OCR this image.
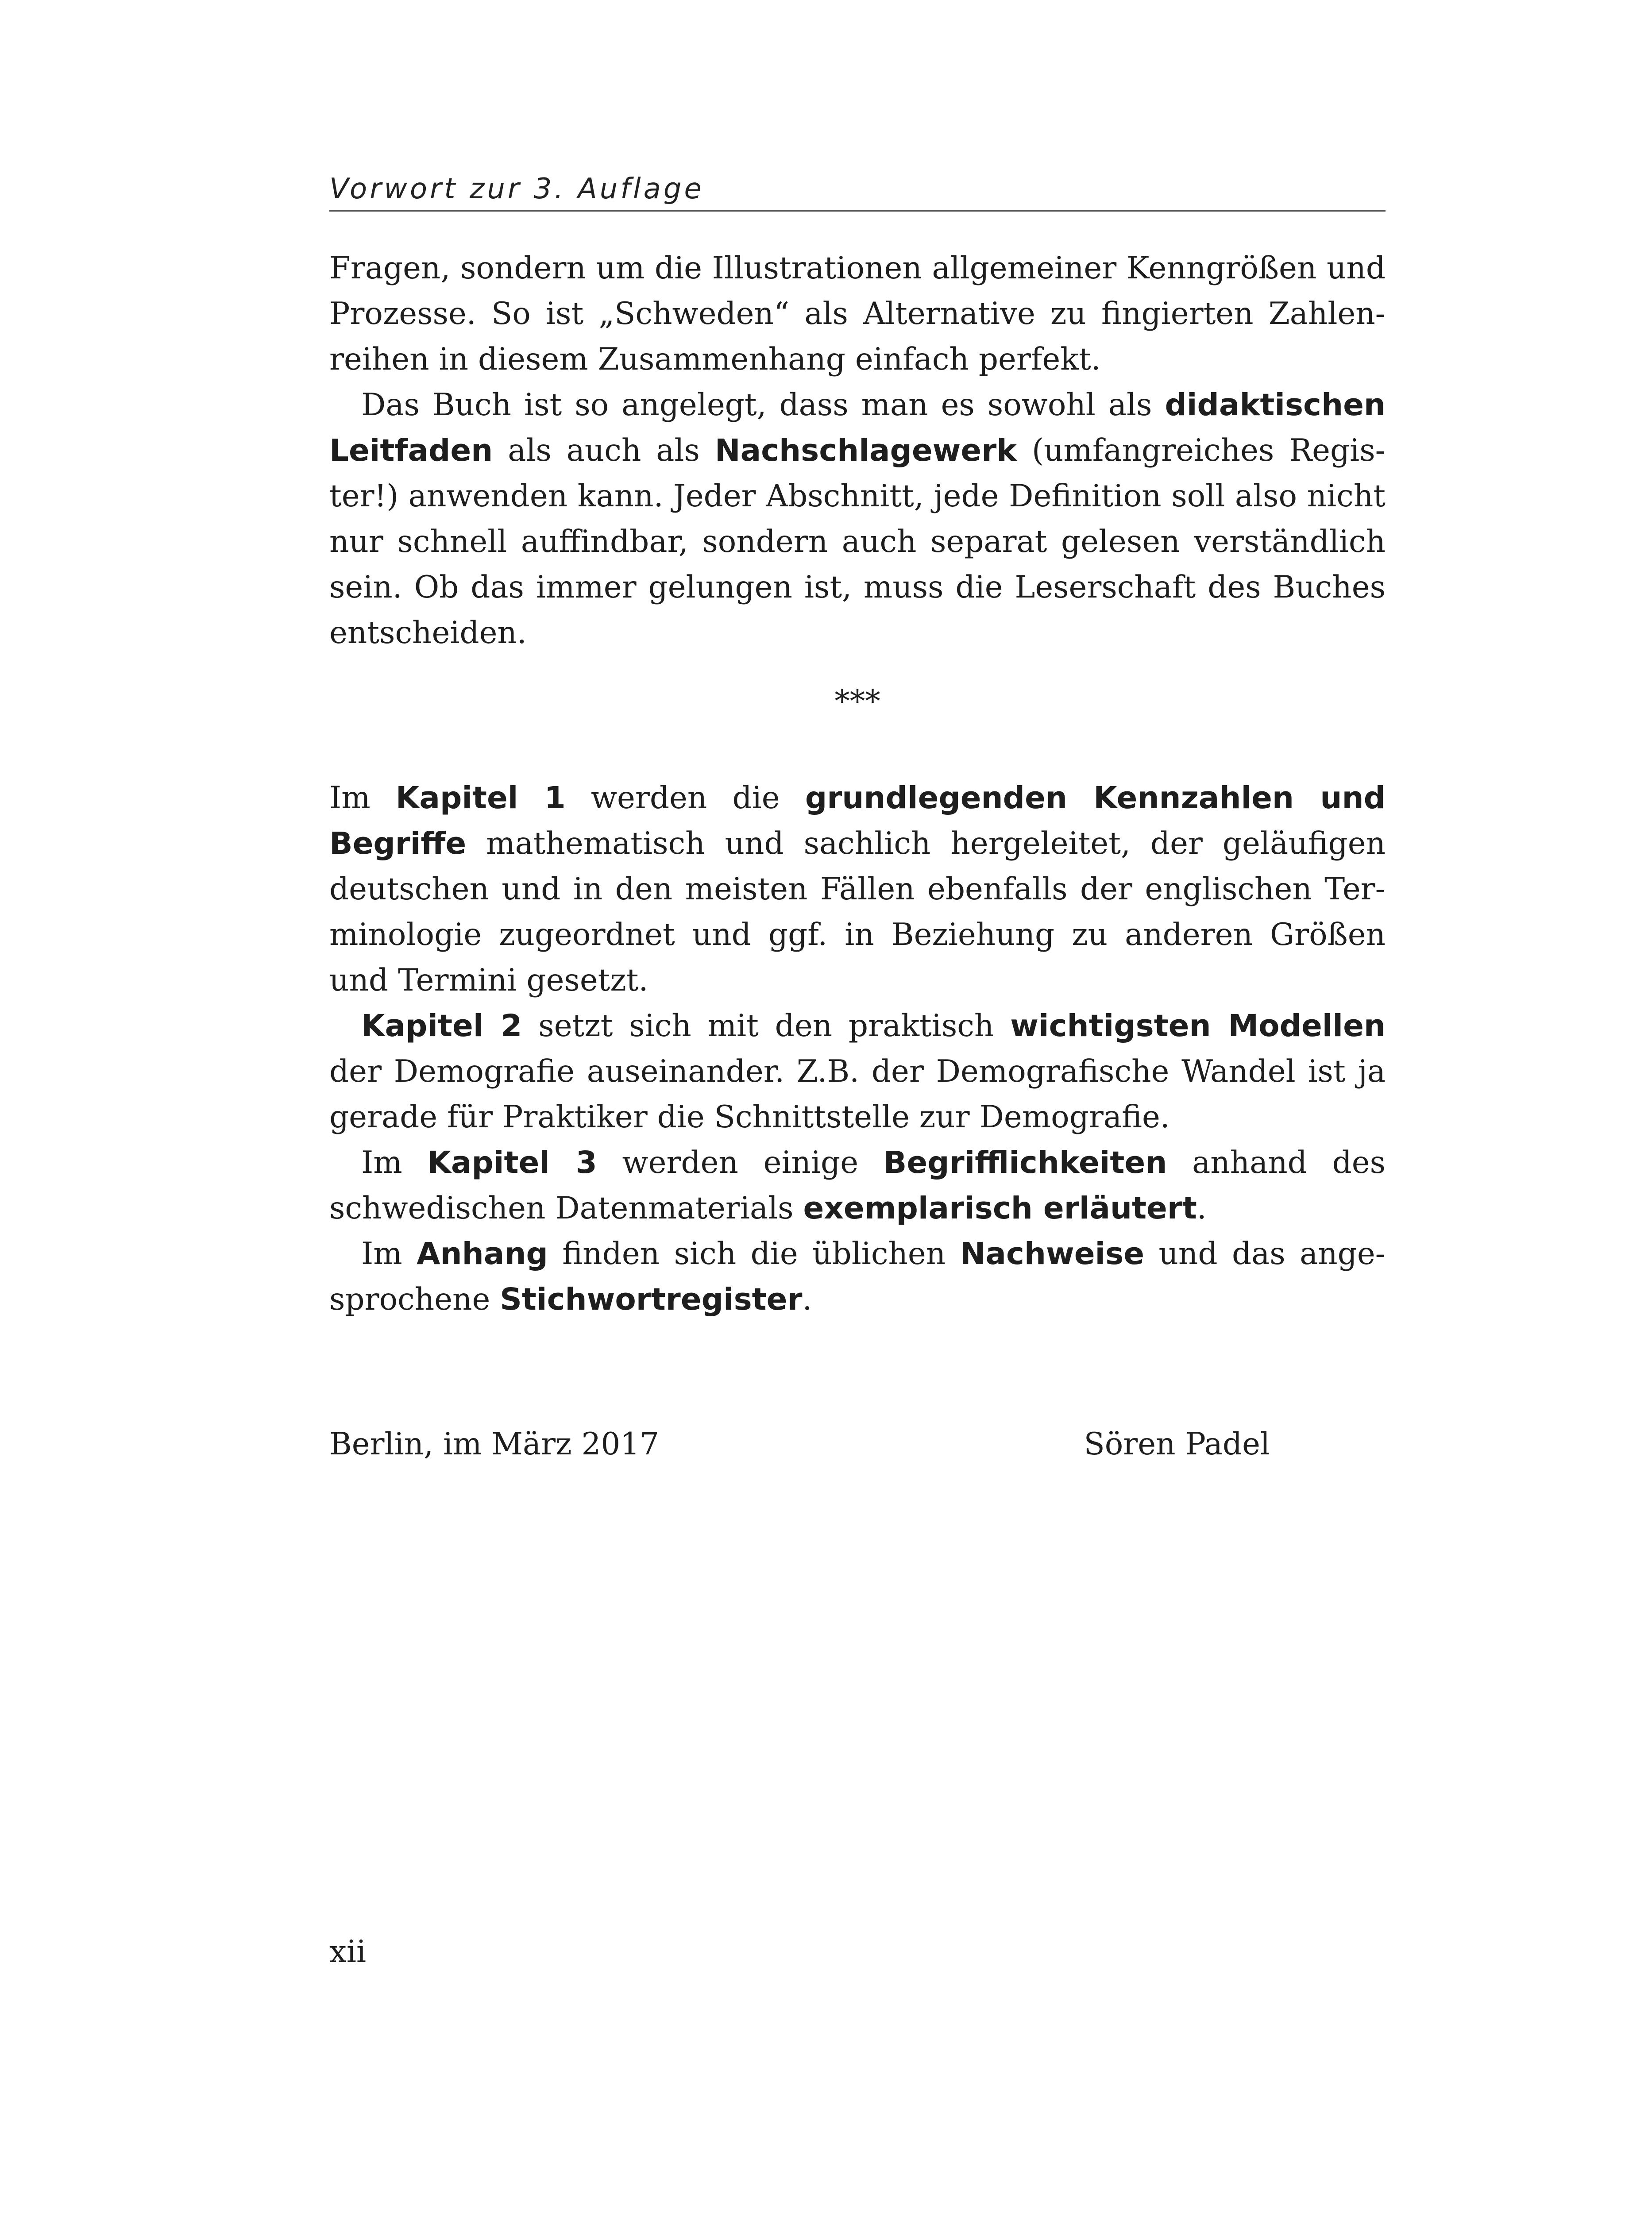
Vorwort zur 3. Auflage

Fragen, sondern um die Illustrationen allgemeiner Kenngrößen und Prozesse. So ist „Schweden“ als Alternative zu fingierten Zahlenreihen in diesem Zusammenhang einfach perfekt.

Das Buch ist so angelegt, dass man es sowohl als didaktischen Leitfaden als auch als Nachschlagewerk (umfangreiches Register!) anwenden kann. Jeder Abschnitt, jede Definition soll also nicht nur schnell auffindbar, sondern auch separat gelesen verständlich sein. Ob das immer gelungen ist, muss die Leserschaft des Buches entscheiden.

***

Im Kapitel 1 werden die grundlegenden Kennzahlen und Begriffe mathematisch und sachlich hergeleitet, der geläufigen deutschen und in den meisten Fällen ebenfalls der englischen Terminologie zugeordnet und ggf. in Beziehung zu anderen Größen und Termini gesetzt.

Kapitel 2 setzt sich mit den praktisch wichtigsten Modellen der Demografie auseinander. Z.B. der Demografische Wandel ist ja gerade für Praktiker die Schnittstelle zur Demografie.

Im Kapitel 3 werden einige Begrifflichkeiten anhand des schwedischen Datenmaterials exemplarisch erläutert.

Im Anhang finden sich die üblichen Nachweise und das angesprochene Stichwortregister.

Berlin, im März 2017	Sören Padel
xii
